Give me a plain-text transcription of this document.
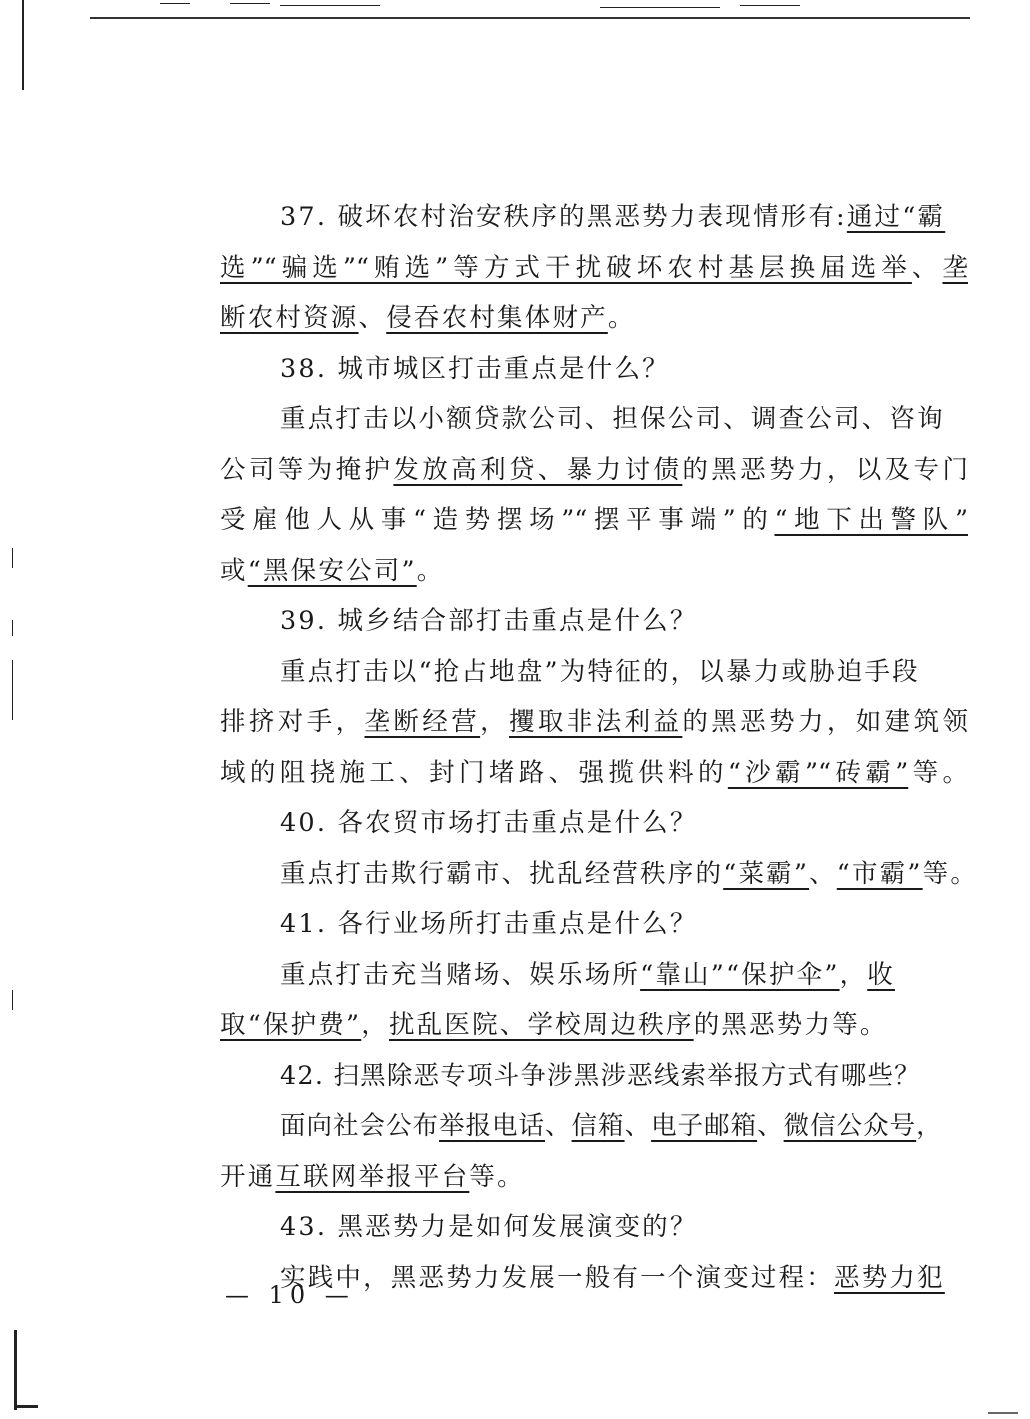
37. 破坏农村治安秩序的黑恶势力表现情形有:通过“霸
选”“骗选”“贿选”等方式干扰破坏农村基层换届选举、垄
断农村资源、侵吞农村集体财产。
38. 城市城区打击重点是什么？
重点打击以小额贷款公司、担保公司、调查公司、咨询
公司等为掩护发放高利贷、暴力讨债的黑恶势力，以及专门
受雇他人从事“造势摆场”“摆平事端”的“地下出警队”
或“黑保安公司”。
39. 城乡结合部打击重点是什么？
重点打击以“抢占地盘”为特征的，以暴力或胁迫手段
排挤对手，垄断经营，攫取非法利益的黑恶势力，如建筑领
域的阻挠施工、封门堵路、强揽供料的“沙霸”“砖霸”等。
40. 各农贸市场打击重点是什么？
重点打击欺行霸市、扰乱经营秩序的“菜霸”、“市霸”等。
41. 各行业场所打击重点是什么？
重点打击充当赌场、娱乐场所“靠山”“保护伞”，收
取“保护费”，扰乱医院、学校周边秩序的黑恶势力等。
42. 扫黑除恶专项斗争涉黑涉恶线索举报方式有哪些？
面向社会公布举报电话、信箱、电子邮箱、微信公众号，
开通互联网举报平台等。
43. 黑恶势力是如何发展演变的？
实践中，黑恶势力发展一般有一个演变过程：恶势力犯
— 10 —
